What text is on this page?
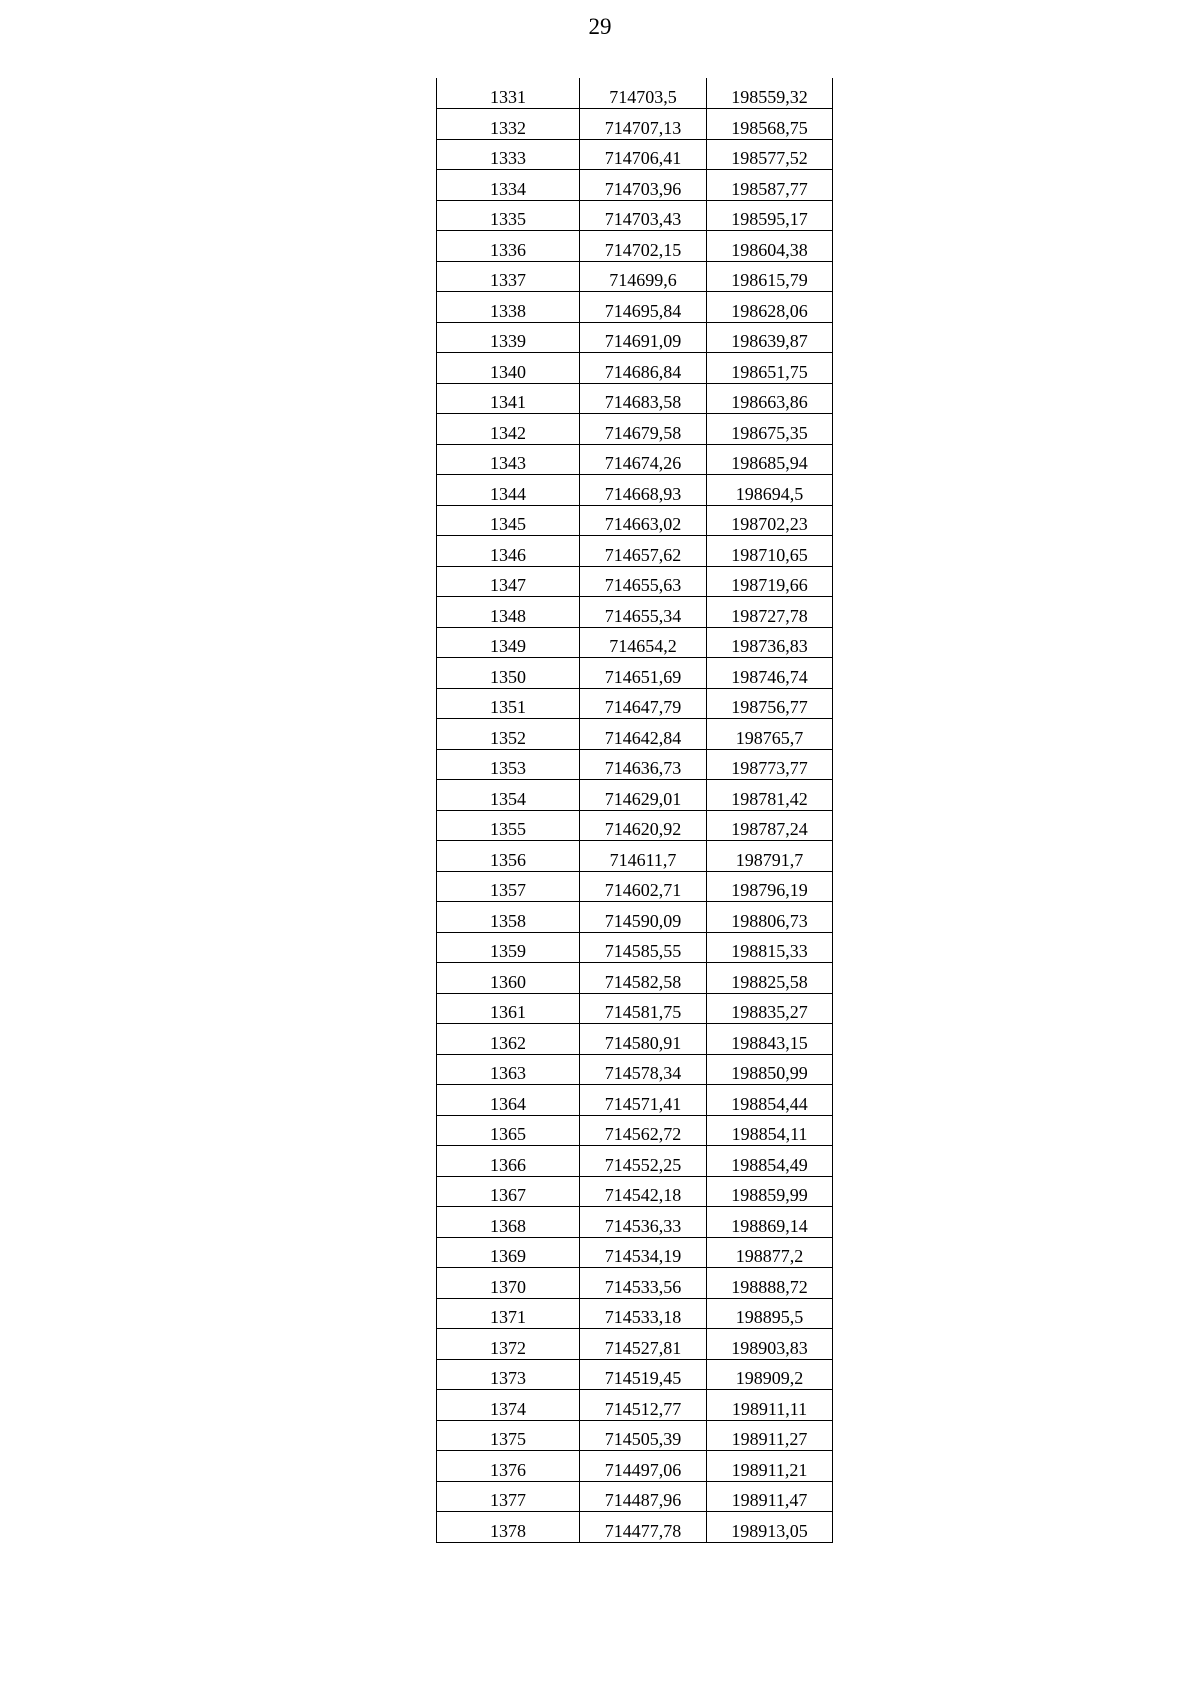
29
1331	714703,5	198559,32
1332	714707,13	198568,75
1333	714706,41	198577,52
1334	714703,96	198587,77
1335	714703,43	198595,17
1336	714702,15	198604,38
1337	714699,6	198615,79
1338	714695,84	198628,06
1339	714691,09	198639,87
1340	714686,84	198651,75
1341	714683,58	198663,86
1342	714679,58	198675,35
1343	714674,26	198685,94
1344	714668,93	198694,5
1345	714663,02	198702,23
1346	714657,62	198710,65
1347	714655,63	198719,66
1348	714655,34	198727,78
1349	714654,2	198736,83
1350	714651,69	198746,74
1351	714647,79	198756,77
1352	714642,84	198765,7
1353	714636,73	198773,77
1354	714629,01	198781,42
1355	714620,92	198787,24
1356	714611,7	198791,7
1357	714602,71	198796,19
1358	714590,09	198806,73
1359	714585,55	198815,33
1360	714582,58	198825,58
1361	714581,75	198835,27
1362	714580,91	198843,15
1363	714578,34	198850,99
1364	714571,41	198854,44
1365	714562,72	198854,11
1366	714552,25	198854,49
1367	714542,18	198859,99
1368	714536,33	198869,14
1369	714534,19	198877,2
1370	714533,56	198888,72
1371	714533,18	198895,5
1372	714527,81	198903,83
1373	714519,45	198909,2
1374	714512,77	198911,11
1375	714505,39	198911,27
1376	714497,06	198911,21
1377	714487,96	198911,47
1378	714477,78	198913,05
